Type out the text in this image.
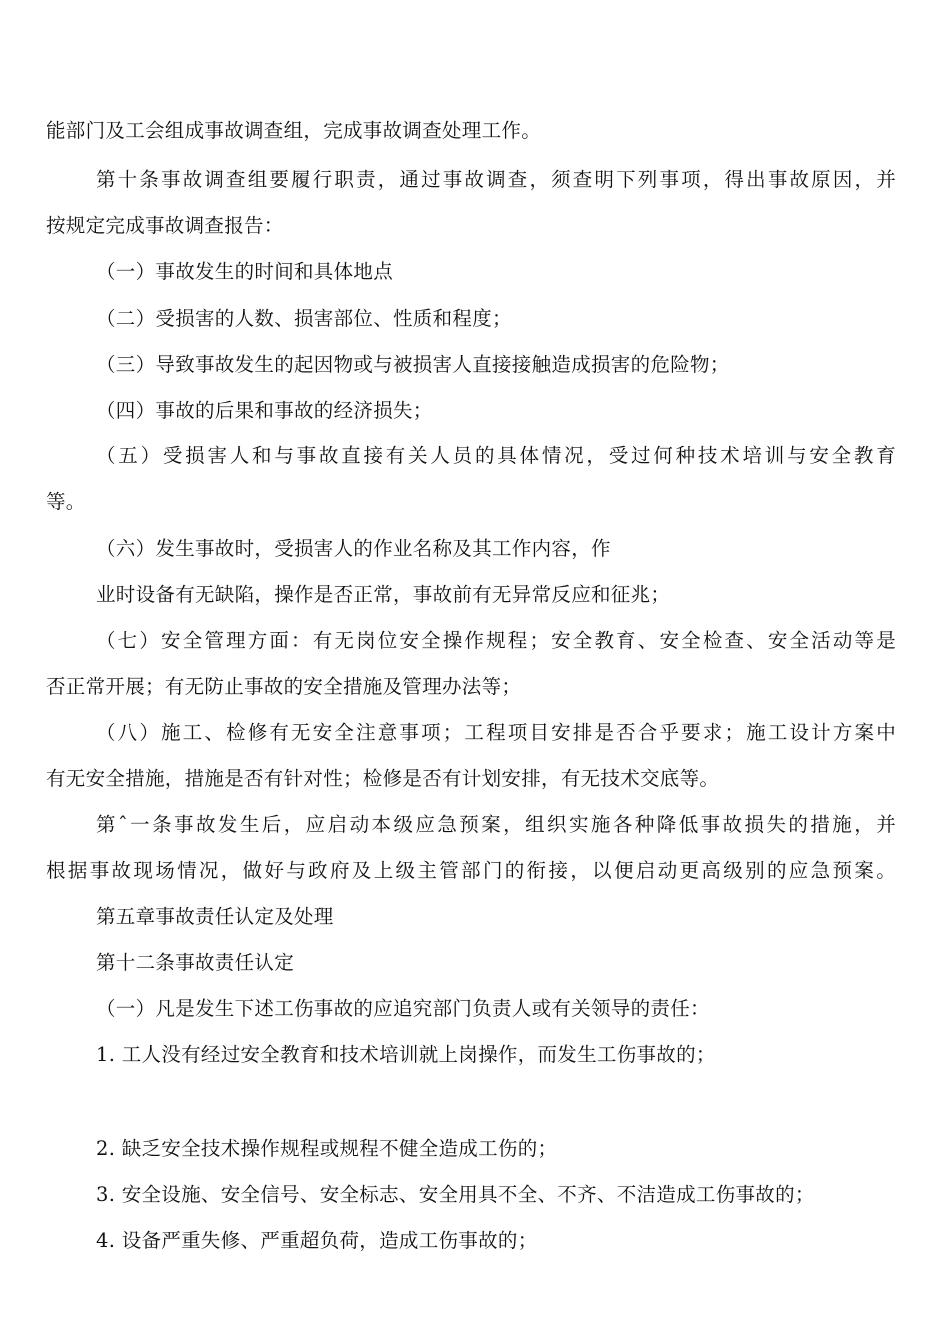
能部门及工会组成事故调查组，完成事故调查处理工作。
第十条事故调查组要履行职责，通过事故调查，须查明下列事项，得出事故原因，并
按规定完成事故调查报告：
（一）事故发生的时间和具体地点
（二）受损害的人数、损害部位、性质和程度；
（三）导致事故发生的起因物或与被损害人直接接触造成损害的危险物；
（四）事故的后果和事故的经济损失；
（五）受损害人和与事故直接有关人员的具体情况，受过何种技术培训与安全教育
等。
（六）发生事故时，受损害人的作业名称及其工作内容，作
业时设备有无缺陷，操作是否正常，事故前有无异常反应和征兆；
（七）安全管理方面：有无岗位安全操作规程；安全教育、安全检查、安全活动等是
否正常开展；有无防止事故的安全措施及管理办法等；
（八）施工、检修有无安全注意事项；工程项目安排是否合乎要求；施工设计方案中
有无安全措施，措施是否有针对性；检修是否有计划安排，有无技术交底等。
第ˆ一条事故发生后，应启动本级应急预案，组织实施各种降低事故损失的措施，并
根据事故现场情况，做好与政府及上级主管部门的衔接，以便启动更高级别的应急预案。
第五章事故责任认定及处理
第十二条事故责任认定
（一）凡是发生下述工伤事故的应追究部门负责人或有关领导的责任：
1. 工人没有经过安全教育和技术培训就上岗操作，而发生工伤事故的；
2. 缺乏安全技术操作规程或规程不健全造成工伤的；
3. 安全设施、安全信号、安全标志、安全用具不全、不齐、不洁造成工伤事故的；
4. 设备严重失修、严重超负荷，造成工伤事故的；
